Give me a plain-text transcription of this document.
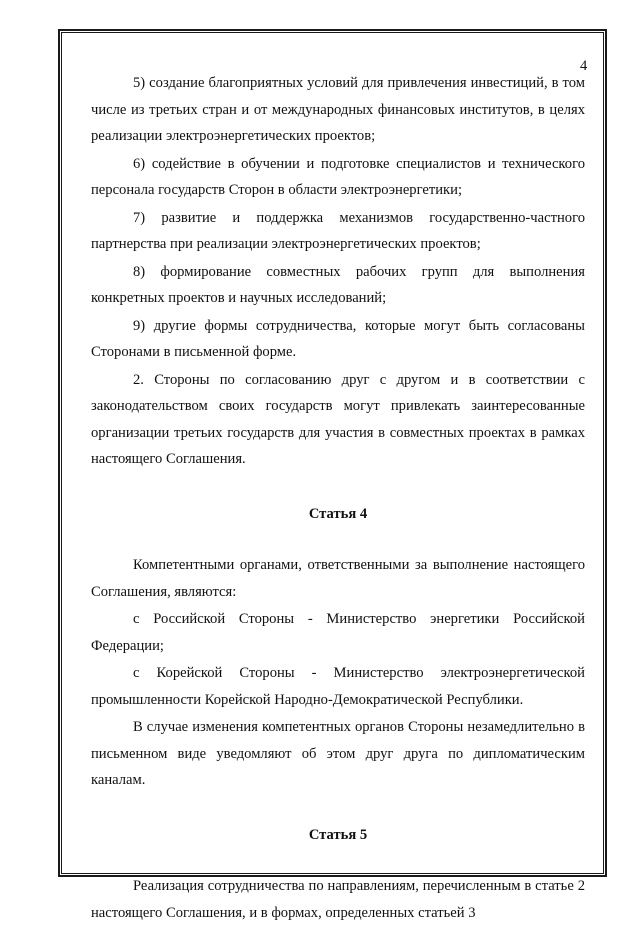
4

5) создание благоприятных условий для привлечения инвестиций, в том числе из третьих стран и от международных финансовых институтов, в целях реализации электроэнергетических проектов;

6) содействие в обучении и подготовке специалистов и технического персонала государств Сторон в области электроэнергетики;

7) развитие и поддержка механизмов государственно-частного партнерства при реализации электроэнергетических проектов;

8) формирование совместных рабочих групп для выполнения конкретных проектов и научных исследований;

9) другие формы сотрудничества, которые могут быть согласованы Сторонами в письменной форме.

2. Стороны по согласованию друг с другом и в соответствии с законодательством своих государств могут привлекать заинтересованные организации третьих государств для участия в совместных проектах в рамках настоящего Соглашения.

Статья 4

Компетентными органами, ответственными за выполнение настоящего Соглашения, являются:

с Российской Стороны - Министерство энергетики Российской Федерации;

с Корейской Стороны - Министерство электроэнергетической промышленности Корейской Народно-Демократической Республики.

В случае изменения компетентных органов Стороны незамедлительно в письменном виде уведомляют об этом друг друга по дипломатическим каналам.

Статья 5

Реализация сотрудничества по направлениям, перечисленным в статье 2 настоящего Соглашения, и в формах, определенных статьей 3
